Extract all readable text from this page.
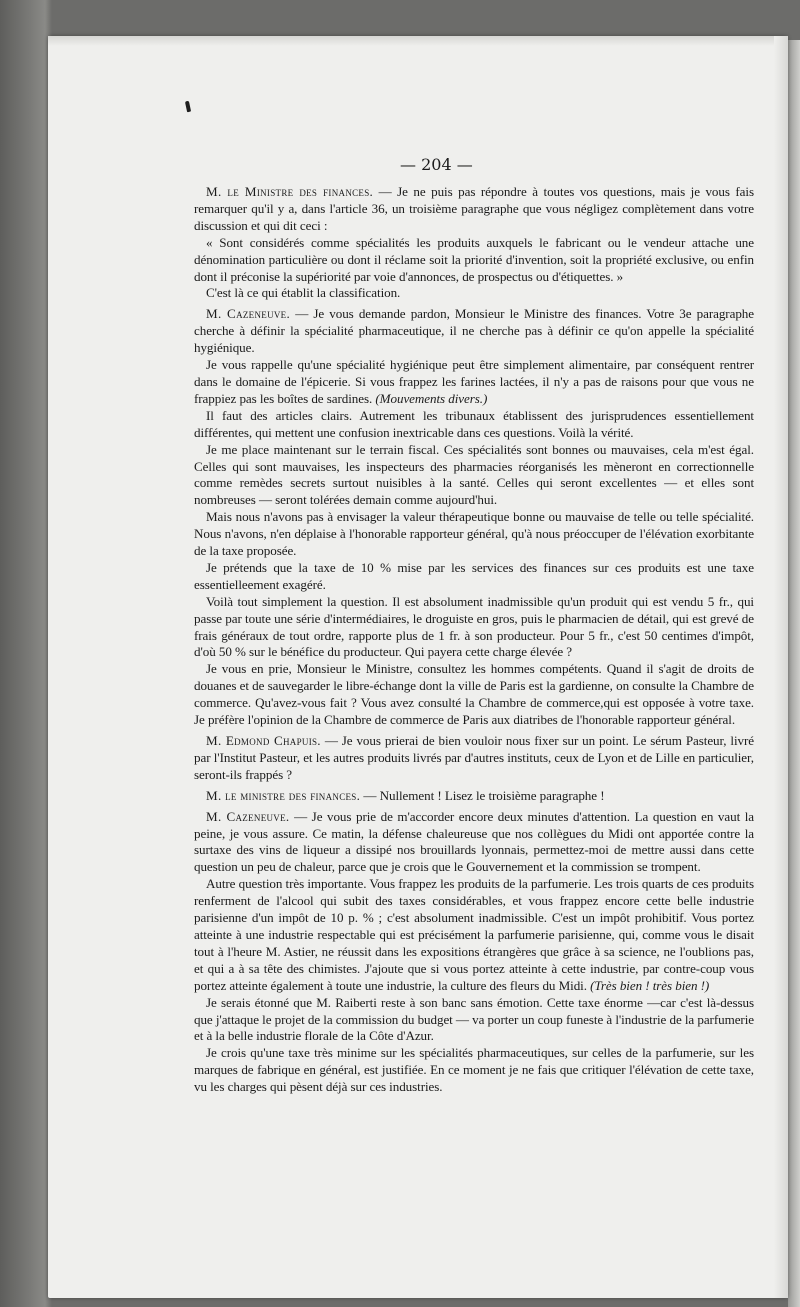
— 204 —

M. le Ministre des finances. — Je ne puis pas répondre à toutes vos questions, mais je vous fais remarquer qu'il y a, dans l'article 36, un troisième paragraphe que vous négligez complètement dans votre discussion et qui dit ceci :

« Sont considérés comme spécialités les produits auxquels le fabricant ou le vendeur attache une dénomination particulière ou dont il réclame soit la priorité d'invention, soit la propriété exclusive, ou enfin dont il préconise la supériorité par voie d'annonces, de prospectus ou d'étiquettes. »

C'est là ce qui établit la classification.

M. Cazeneuve. — Je vous demande pardon, Monsieur le Ministre des finances. Votre 3e paragraphe cherche à définir la spécialité pharmaceutique, il ne cherche pas à définir ce qu'on appelle la spécialité hygiénique.

Je vous rappelle qu'une spécialité hygiénique peut être simplement alimentaire, par conséquent rentrer dans le domaine de l'épicerie. Si vous frappez les farines lactées, il n'y a pas de raisons pour que vous ne frappiez pas les boîtes de sardines. (Mouvements divers.)

Il faut des articles clairs. Autrement les tribunaux établissent des jurisprudences essentiellement différentes, qui mettent une confusion inextricable dans ces questions. Voilà la vérité.

Je me place maintenant sur le terrain fiscal. Ces spécialités sont bonnes ou mauvaises, cela m'est égal. Celles qui sont mauvaises, les inspecteurs des pharmacies réorganisés les mèneront en correctionnelle comme remèdes secrets surtout nuisibles à la santé. Celles qui seront excellentes — et elles sont nombreuses — seront tolérées demain comme aujourd'hui.

Mais nous n'avons pas à envisager la valeur thérapeutique bonne ou mauvaise de telle ou telle spécialité. Nous n'avons, n'en déplaise à l'honorable rapporteur général, qu'à nous préoccuper de l'élévation exorbitante de la taxe proposée.

Je prétends que la taxe de 10 % mise par les services des finances sur ces produits est une taxe essentielleement exagéré.

Voilà tout simplement la question. Il est absolument inadmissible qu'un produit qui est vendu 5 fr., qui passe par toute une série d'intermédiaires, le droguiste en gros, puis le pharmacien de détail, qui est grevé de frais généraux de tout ordre, rapporte plus de 1 fr. à son producteur. Pour 5 fr., c'est 50 centimes d'impôt, d'où 50 % sur le bénéfice du producteur. Qui payera cette charge élevée ?

Je vous en prie, Monsieur le Ministre, consultez les hommes compétents. Quand il s'agit de droits de douanes et de sauvegarder le libre-échange dont la ville de Paris est la gardienne, on consulte la Chambre de commerce. Qu'avez-vous fait ? Vous avez consulté la Chambre de commerce,qui est opposée à votre taxe. Je préfère l'opinion de la Chambre de commerce de Paris aux diatribes de l'honorable rapporteur général.

M. Edmond Chapuis. — Je vous prierai de bien vouloir nous fixer sur un point. Le sérum Pasteur, livré par l'Institut Pasteur, et les autres produits livrés par d'autres instituts, ceux de Lyon et de Lille en particulier, seront-ils frappés ?

M. le ministre des finances. — Nullement ! Lisez le troisième paragraphe !

M. Cazeneuve. — Je vous prie de m'accorder encore deux minutes d'attention. La question en vaut la peine, je vous assure. Ce matin, la défense chaleureuse que nos collègues du Midi ont apportée contre la surtaxe des vins de liqueur a dissipé nos brouillards lyonnais, permettez-moi de mettre aussi dans cette question un peu de chaleur, parce que je crois que le Gouvernement et la commission se trompent.

Autre question très importante. Vous frappez les produits de la parfumerie. Les trois quarts de ces produits renferment de l'alcool qui subit des taxes considérables, et vous frappez encore cette belle industrie parisienne d'un impôt de 10 p. % ; c'est absolument inadmissible. C'est un impôt prohibitif. Vous portez atteinte à une industrie respectable qui est précisément la parfumerie parisienne, qui, comme vous le disait tout à l'heure M. Astier, ne réussit dans les expositions étrangères que grâce à sa science, ne l'oublions pas, et qui a à sa tête des chimistes. J'ajoute que si vous portez atteinte à cette industrie, par contre-coup vous portez atteinte également à toute une industrie, la culture des fleurs du Midi. (Très bien ! très bien !)

Je serais étonné que M. Raiberti reste à son banc sans émotion. Cette taxe énorme —car c'est là-dessus que j'attaque le projet de la commission du budget — va porter un coup funeste à l'industrie de la parfumerie et à la belle industrie florale de la Côte d'Azur.

Je crois qu'une taxe très minime sur les spécialités pharmaceutiques, sur celles de la parfumerie, sur les marques de fabrique en général, est justifiée. En ce moment je ne fais que critiquer l'élévation de cette taxe, vu les charges qui pèsent déjà sur ces industries.
